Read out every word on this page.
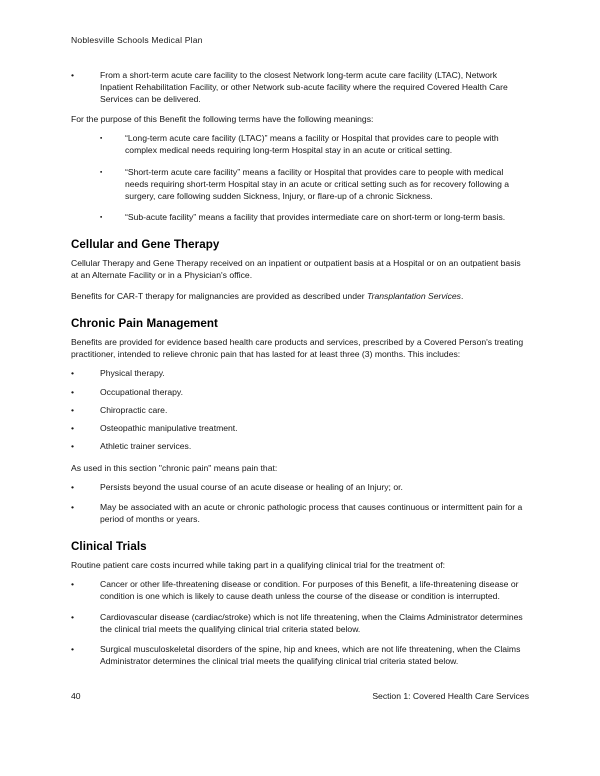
Noblesville Schools Medical Plan

•	From a short-term acute care facility to the closest Network long-term acute care facility (LTAC), Network Inpatient Rehabilitation Facility, or other Network sub-acute facility where the required Covered Health Care Services can be delivered.

For the purpose of this Benefit the following terms have the following meanings:

▪	“Long-term acute care facility (LTAC)” means a facility or Hospital that provides care to people with complex medical needs requiring long-term Hospital stay in an acute or critical setting.
▪	“Short-term acute care facility” means a facility or Hospital that provides care to people with medical needs requiring short-term Hospital stay in an acute or critical setting such as for recovery following a surgery, care following sudden Sickness, Injury, or flare-up of a chronic Sickness.
▪	“Sub-acute facility” means a facility that provides intermediate care on short-term or long-term basis.
Cellular and Gene Therapy

Cellular Therapy and Gene Therapy received on an inpatient or outpatient basis at a Hospital or on an outpatient basis at an Alternate Facility or in a Physician's office.

Benefits for CAR-T therapy for malignancies are provided as described under Transplantation Services.

Chronic Pain Management

Benefits are provided for evidence based health care products and services, prescribed by a Covered Person's treating practitioner, intended to relieve chronic pain that has lasted for at least three (3) months. This includes:

•	Physical therapy.
•	Occupational therapy.
•	Chiropractic care.
•	Osteopathic manipulative treatment.
•	Athletic trainer services.

As used in this section "chronic pain" means pain that:

•	Persists beyond the usual course of an acute disease or healing of an Injury; or.
•	May be associated with an acute or chronic pathologic process that causes continuous or intermittent pain for a period of months or years.
Clinical Trials

Routine patient care costs incurred while taking part in a qualifying clinical trial for the treatment of:

•	Cancer or other life-threatening disease or condition. For purposes of this Benefit, a life-threatening disease or condition is one which is likely to cause death unless the course of the disease or condition is interrupted.
•	Cardiovascular disease (cardiac/stroke) which is not life threatening, when the Claims Administrator determines the clinical trial meets the qualifying clinical trial criteria stated below.
•	Surgical musculoskeletal disorders of the spine, hip and knees, which are not life threatening, when the Claims Administrator determines the clinical trial meets the qualifying clinical trial criteria stated below.
40	Section 1: Covered Health Care Services
